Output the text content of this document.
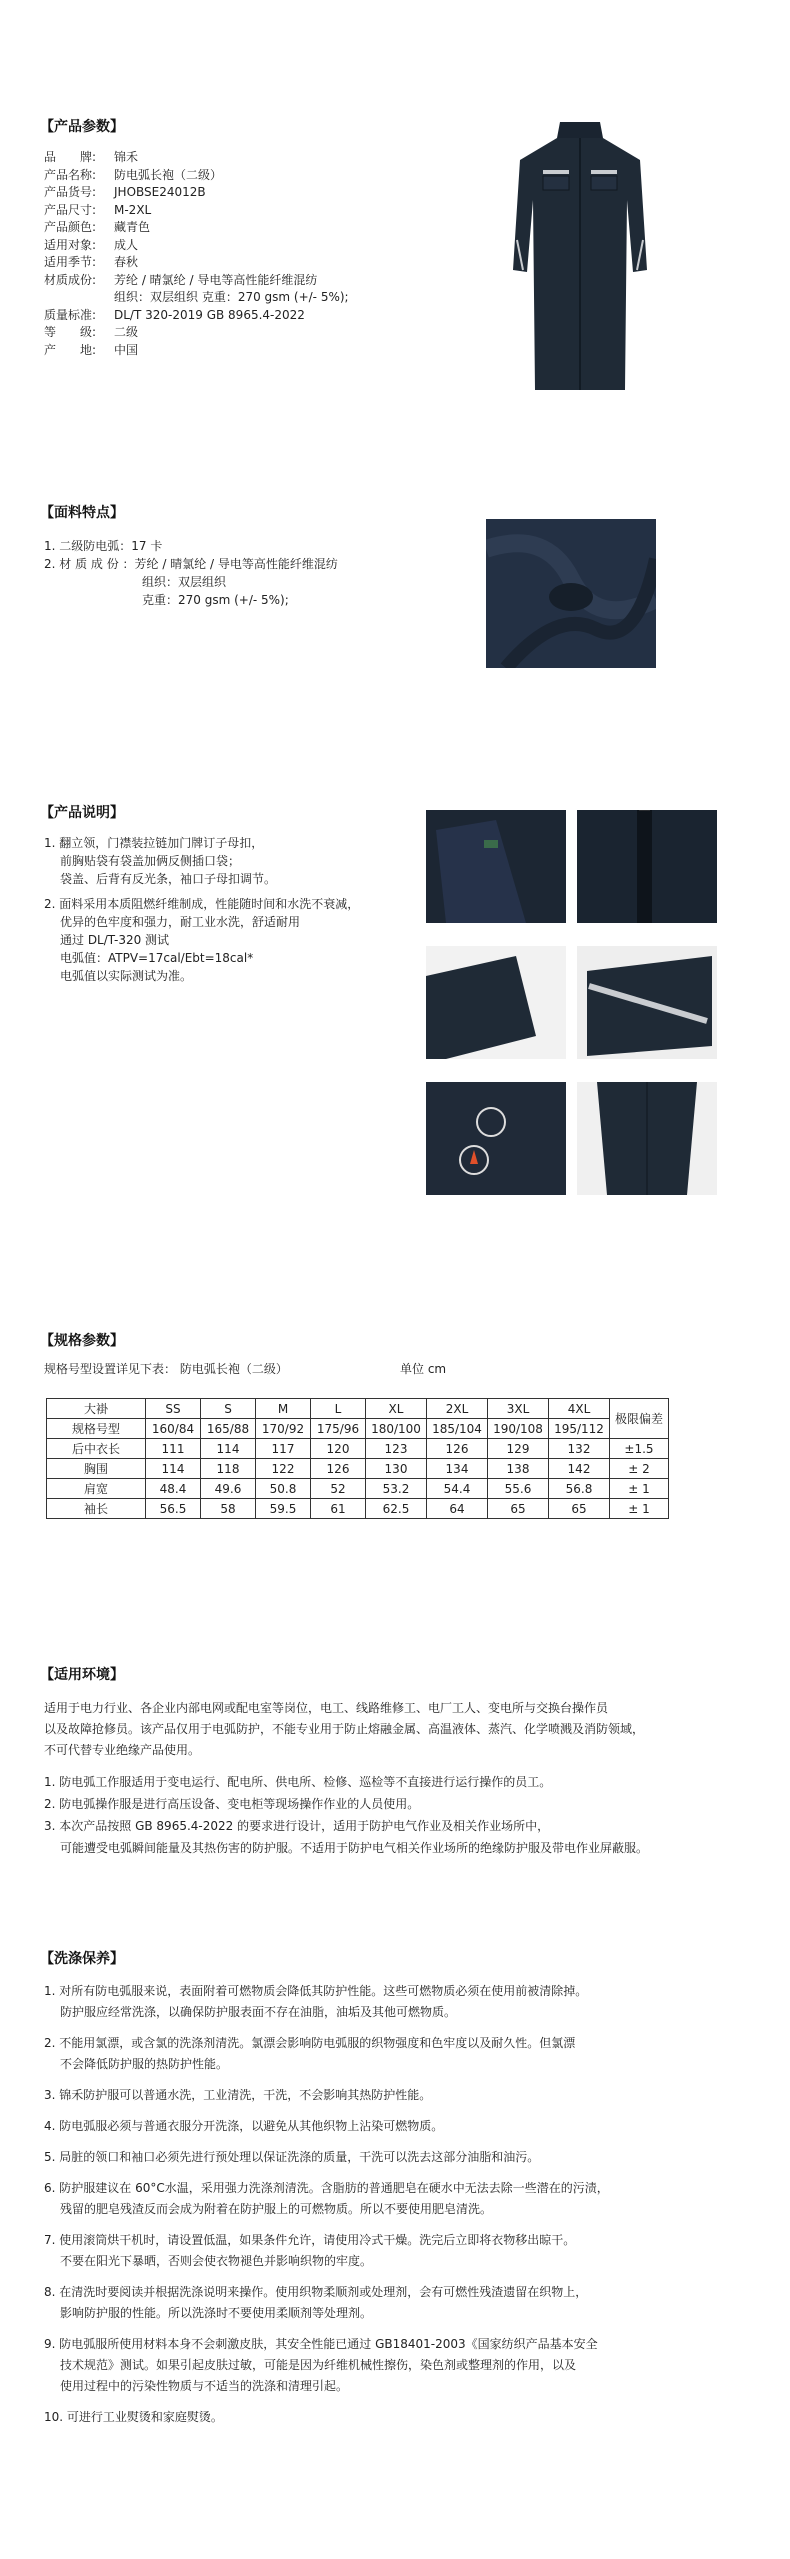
【产品参数】
品　　牌:	锦禾
产品名称:	防电弧长袍（二级）
产品货号:	JHOBSE24012B
产品尺寸:	M-2XL
产品颜色:	藏青色
适用对象:	成人
适用季节:	春秋
材质成份:	芳纶 / 晴氯纶 / 导电等高性能纤维混纺
组织：双层组织 克重：270 gsm (+/- 5%);
质量标准:	DL/T 320-2019 GB 8965.4-2022
等　　级:	二级
产　　地:	中国
【面料特点】
1. 二级防电弧：17 卡
2. 材 质 成 份 ：芳纶 / 晴氯纶 / 导电等高性能纤维混纺
组织：双层组织
克重：270 gsm (+/- 5%);
【产品说明】
1. 翻立领，门襟装拉链加门牌订子母扣，
前胸贴袋有袋盖加俩反侧插口袋；
袋盖、后背有反光条，袖口子母扣调节。
2. 面料采用本质阻燃纤维制成，性能随时间和水洗不衰减，
优异的色牢度和强力，耐工业水洗，舒适耐用
通过 DL/T-320 测试
电弧值：ATPV=17cal/Ebt=18cal*
电弧值以实际测试为准。
【规格参数】
规格号型设置详见下表： 防电弧长袍（二级）	单位 cm
大褂	SS	S	M	L	XL	2XL	3XL	4XL	极限偏差
规格号型	160/84	165/88	170/92	175/96	180/100	185/104	190/108	195/112	
后中衣长	111	114	117	120	123	126	129	132	±1.5
胸围	114	118	122	126	130	134	138	142	± 2
肩宽	48.4	49.6	50.8	52	53.2	54.4	55.6	56.8	± 1
袖长	56.5	58	59.5	61	62.5	64	65	65	± 1
【适用环境】
适用于电力行业、各企业内部电网或配电室等岗位，电工、线路维修工、电厂工人、变电所与交换台操作员
以及故障抢修员。该产品仅用于电弧防护，不能专业用于防止熔融金属、高温液体、蒸汽、化学喷溅及消防领域，
不可代替专业绝缘产品使用。
1. 防电弧工作服适用于变电运行、配电所、供电所、检修、巡检等不直接进行运行操作的员工。
2. 防电弧操作服是进行高压设备、变电柜等现场操作作业的人员使用。
3. 本次产品按照 GB 8965.4-2022 的要求进行设计，适用于防护电气作业及相关作业场所中，
可能遭受电弧瞬间能量及其热伤害的防护服。不适用于防护电气相关作业场所的绝缘防护服及带电作业屏蔽服。
【洗涤保养】
1. 对所有防电弧服来说，表面附着可燃物质会降低其防护性能。这些可燃物质必须在使用前被清除掉。
防护服应经常洗涤，以确保防护服表面不存在油脂，油垢及其他可燃物质。
2. 不能用氯漂，或含氯的洗涤剂清洗。氯漂会影响防电弧服的织物强度和色牢度以及耐久性。但氯漂
不会降低防护服的热防护性能。
3. 锦禾防护服可以普通水洗，工业清洗，干洗，不会影响其热防护性能。
4. 防电弧服必须与普通衣服分开洗涤，以避免从其他织物上沾染可燃物质。
5. 局脏的领口和袖口必须先进行预处理以保证洗涤的质量，干洗可以洗去这部分油脂和油污。
6. 防护服建议在 60°C水温，采用强力洗涤剂清洗。含脂肪的普通肥皂在硬水中无法去除一些潜在的污渍，
残留的肥皂残渣反而会成为附着在防护服上的可燃物质。所以不要使用肥皂清洗。
7. 使用滚筒烘干机时，请设置低温，如果条件允许，请使用冷式干燥。洗完后立即将衣物移出晾干。
不要在阳光下暴晒，否则会使衣物褪色并影响织物的牢度。
8. 在清洗时要阅读并根据洗涤说明来操作。使用织物柔顺剂或处理剂，会有可燃性残渣遗留在织物上，
影响防护服的性能。所以洗涤时不要使用柔顺剂等处理剂。
9. 防电弧服所使用材料本身不会刺激皮肤，其安全性能已通过 GB18401-2003《国家纺织产品基本安全
技术规范》测试。如果引起皮肤过敏，可能是因为纤维机械性擦伤，染色剂或整理剂的作用，以及
使用过程中的污染性物质与不适当的洗涤和清理引起。
10. 可进行工业熨烫和家庭熨烫。
